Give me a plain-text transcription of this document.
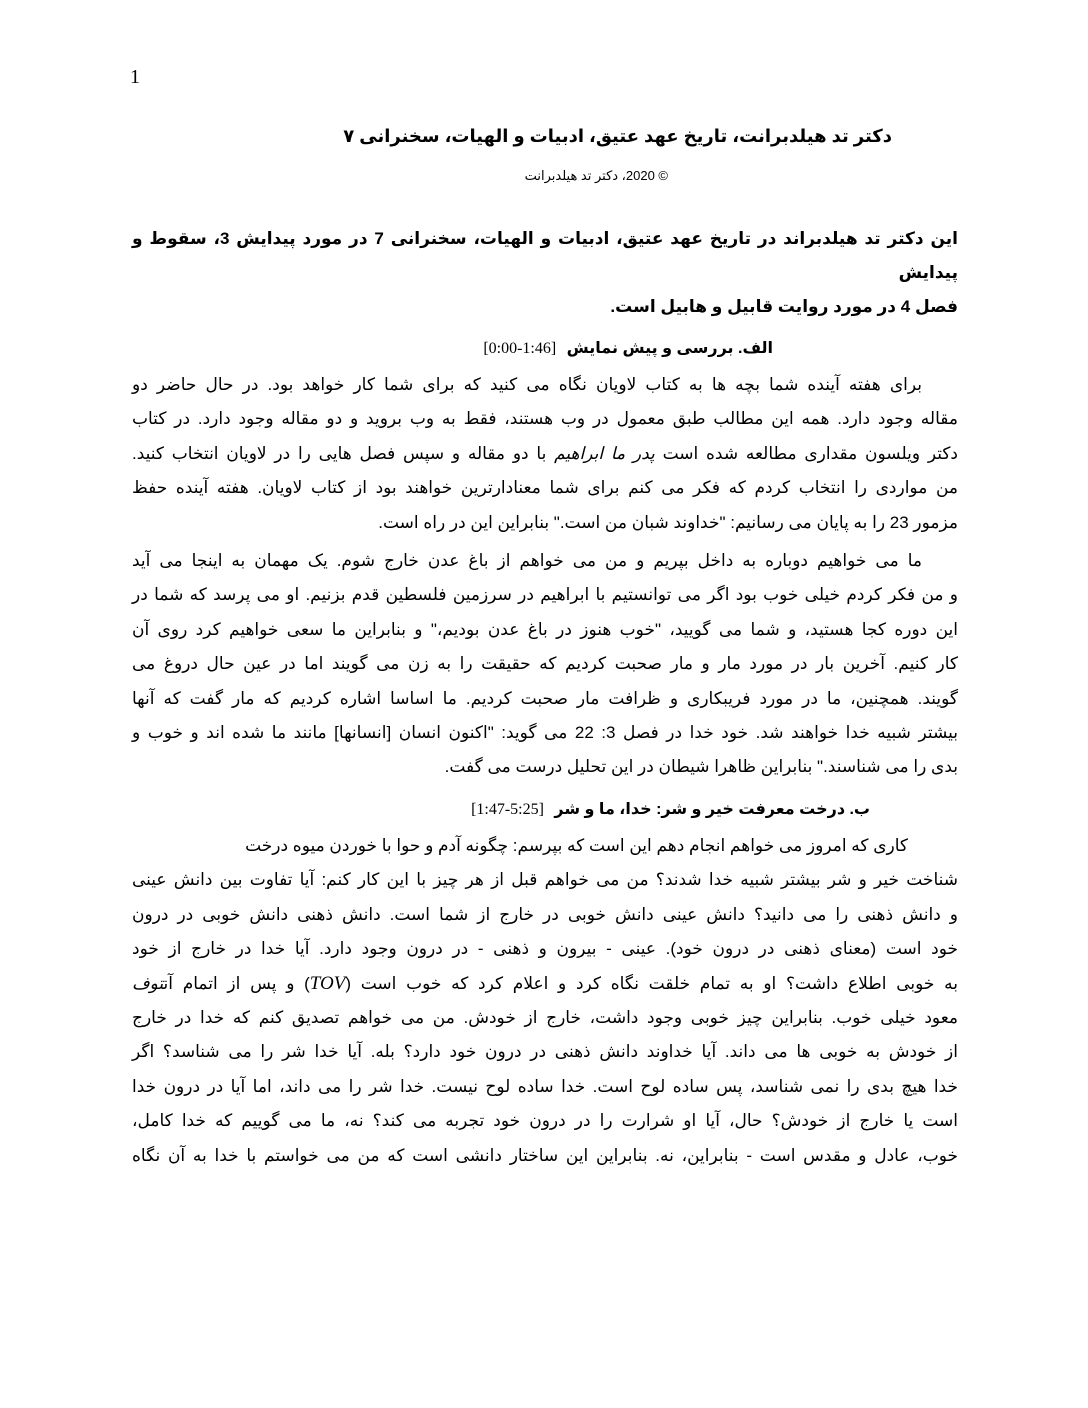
1
دکتر تد هیلدبرانت، تاریخ عهد عتیق، ادبیات و الهیات، سخنرانی ۷
© 2020، دکتر تد هیلدبرانت
این دکتر تد هیلدبراند در تاریخ عهد عتیق، ادبیات و الهیات، سخنرانی 7 در مورد پیدایش 3، سقوط و پیدایش
فصل 4 در مورد روایت قابیل و هابیل است.
الف. بررسی و پیش نمایش [0:00-1:46]
برای هفته آینده شما بچه ها به کتاب لاویان نگاه می کنید که برای شما کار خواهد بود. در حال حاضر دو
مقاله وجود دارد. همه این مطالب طبق معمول در وب هستند، فقط به وب بروید و دو مقاله وجود دارد. در کتاب
دکتر ویلسون مقداری مطالعه شده است پدر ما ابراهیم با دو مقاله و سپس فصل هایی را در لاویان انتخاب کنید.
من مواردی را انتخاب کردم که فکر می کنم برای شما معنادارترین خواهند بود از کتاب لاویان. هفته آینده حفظ
مزمور 23 را به پایان می رسانیم: "خداوند شبان من است." بنابراین این در راه است.
ما می خواهیم دوباره به داخل بپریم و من می خواهم از باغ عدن خارج شوم. یک مهمان به اینجا می آید
و من فکر کردم خیلی خوب بود اگر می توانستیم با ابراهیم در سرزمین فلسطین قدم بزنیم. او می پرسد که شما در
این دوره کجا هستید، و شما می گویید، "خوب هنوز در باغ عدن بودیم،" و بنابراین ما سعی خواهیم کرد روی آن
کار کنیم. آخرین بار در مورد مار و مار صحبت کردیم که حقیقت را به زن می گویند اما در عین حال دروغ می
گویند. همچنین، ما در مورد فریبکاری و ظرافت مار صحبت کردیم. ما اساسا اشاره کردیم که مار گفت که آنها
بیشتر شبیه خدا خواهند شد. خود خدا در فصل 3: 22 می گوید: "اکنون انسان [انسانها] مانند ما شده اند و خوب و
بدی را می شناسند." بنابراین ظاهرا شیطان در این تحلیل درست می گفت.
ب. درخت معرفت خیر و شر: خدا، ما و شر [1:47-5:25]
کاری که امروز می خواهم انجام دهم این است که بپرسم: چگونه آدم و حوا با خوردن میوه درخت
شناخت خیر و شر بیشتر شبیه خدا شدند؟ من می خواهم قبل از هر چیز با این کار کنم: آیا تفاوت بین دانش عینی
و دانش ذهنی را می دانید؟ دانش عینی دانش خوبی در خارج از شما است. دانش ذهنی دانش خوبی در درون
خود است (معنای ذهنی در درون خود). عینی - بیرون و ذهنی - در درون وجود دارد. آیا خدا در خارج از خود
به خوبی اطلاع داشت؟ او به تمام خلقت نگاه کرد و اعلام کرد که خوب است (TOV) و پس از اتمام آنتوف
معود خیلی خوب. بنابراین چیز خوبی وجود داشت، خارج از خودش. من می خواهم تصدیق کنم که خدا در خارج
از خودش به خوبی ها می داند. آیا خداوند دانش ذهنی در درون خود دارد؟ بله. آیا خدا شر را می شناسد؟ اگر
خدا هیچ بدی را نمی شناسد، پس ساده لوح است. خدا ساده لوح نیست. خدا شر را می داند، اما آیا در درون خدا
است یا خارج از خودش؟ حال، آیا او شرارت را در درون خود تجربه می کند؟ نه، ما می گوییم که خدا کامل،
خوب، عادل و مقدس است - بنابراین، نه. بنابراین این ساختار دانشی است که من می خواستم با خدا به آن نگاه
